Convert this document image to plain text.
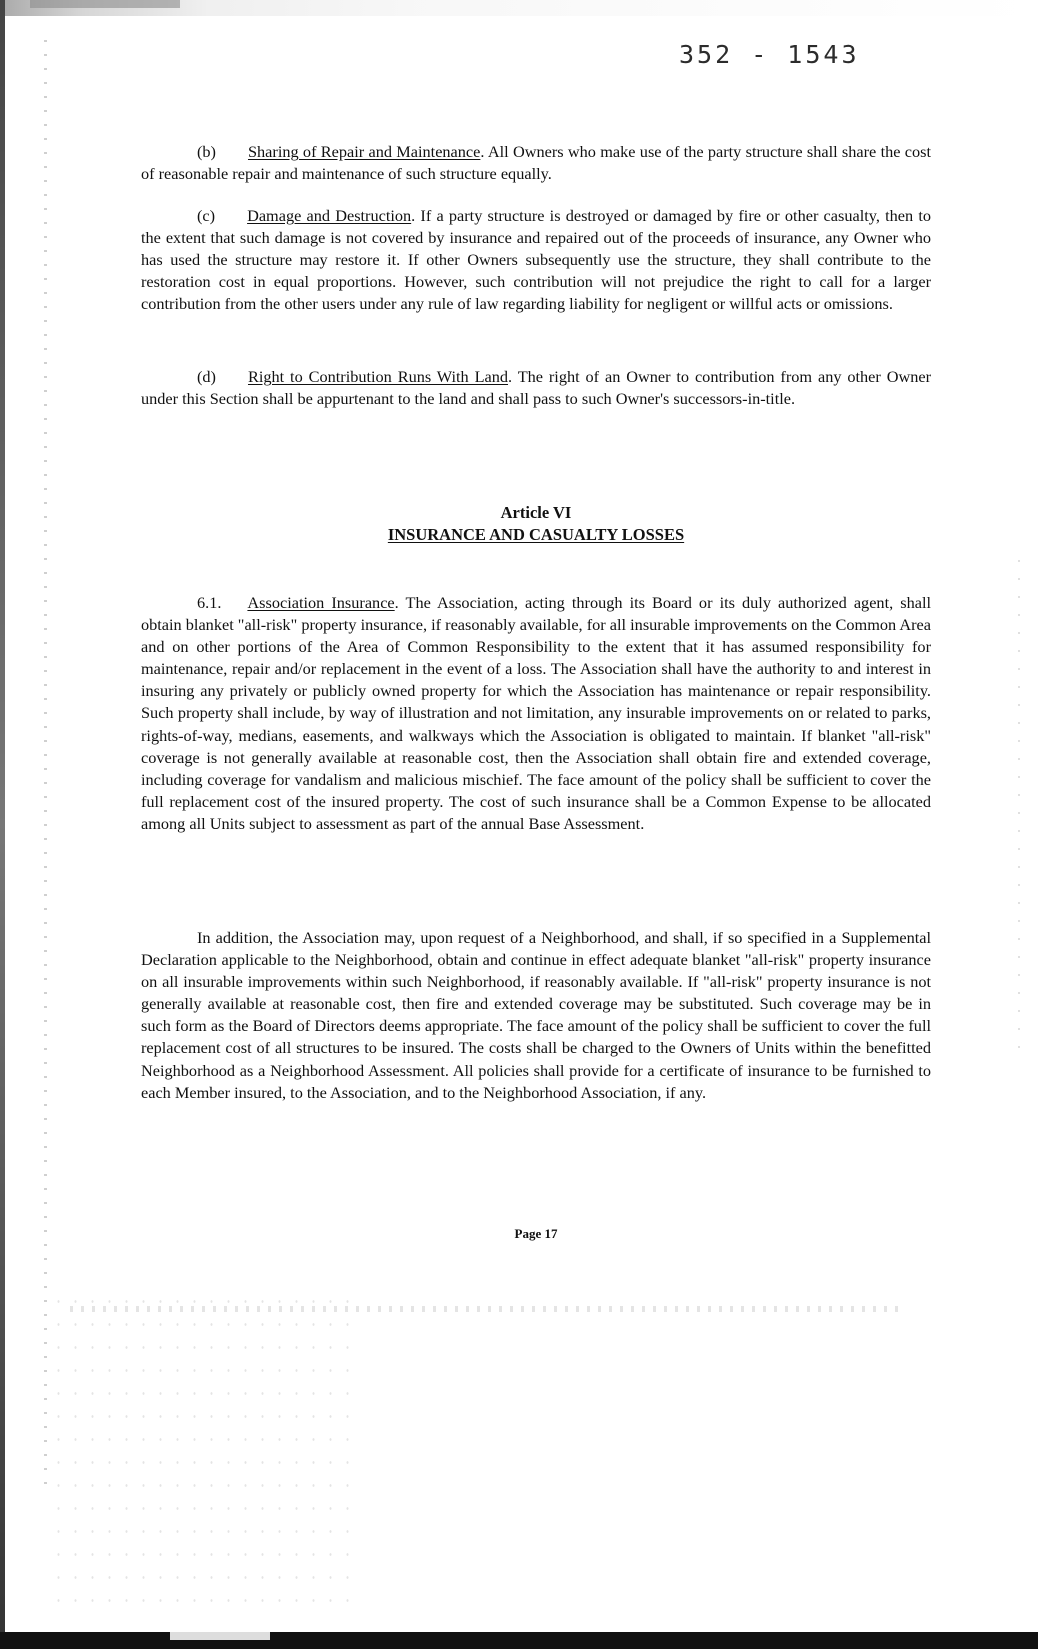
352 - 1543

(b) Sharing of Repair and Maintenance. All Owners who make use of the party structure shall share the cost of reasonable repair and maintenance of such structure equally.

(c) Damage and Destruction. If a party structure is destroyed or damaged by fire or other casualty, then to the extent that such damage is not covered by insurance and repaired out of the proceeds of insurance, any Owner who has used the structure may restore it. If other Owners subsequently use the structure, they shall contribute to the restoration cost in equal proportions. However, such contribution will not prejudice the right to call for a larger contribution from the other users under any rule of law regarding liability for negligent or willful acts or omissions.

(d) Right to Contribution Runs With Land. The right of an Owner to contribution from any other Owner under this Section shall be appurtenant to the land and shall pass to such Owner's successors-in-title.

Article VI
INSURANCE AND CASUALTY LOSSES

6.1. Association Insurance. The Association, acting through its Board or its duly authorized agent, shall obtain blanket "all-risk" property insurance, if reasonably available, for all insurable improvements on the Common Area and on other portions of the Area of Common Responsibility to the extent that it has assumed responsibility for maintenance, repair and/or replacement in the event of a loss. The Association shall have the authority to and interest in insuring any privately or publicly owned property for which the Association has maintenance or repair responsibility. Such property shall include, by way of illustration and not limitation, any insurable improvements on or related to parks, rights-of-way, medians, easements, and walkways which the Association is obligated to maintain. If blanket "all-risk" coverage is not generally available at reasonable cost, then the Association shall obtain fire and extended coverage, including coverage for vandalism and malicious mischief. The face amount of the policy shall be sufficient to cover the full replacement cost of the insured property. The cost of such insurance shall be a Common Expense to be allocated among all Units subject to assessment as part of the annual Base Assessment.

In addition, the Association may, upon request of a Neighborhood, and shall, if so specified in a Supplemental Declaration applicable to the Neighborhood, obtain and continue in effect adequate blanket "all-risk" property insurance on all insurable improvements within such Neighborhood, if reasonably available. If "all-risk" property insurance is not generally available at reasonable cost, then fire and extended coverage may be substituted. Such coverage may be in such form as the Board of Directors deems appropriate. The face amount of the policy shall be sufficient to cover the full replacement cost of all structures to be insured. The costs shall be charged to the Owners of Units within the benefitted Neighborhood as a Neighborhood Assessment. All policies shall provide for a certificate of insurance to be furnished to each Member insured, to the Association, and to the Neighborhood Association, if any.

Page 17
